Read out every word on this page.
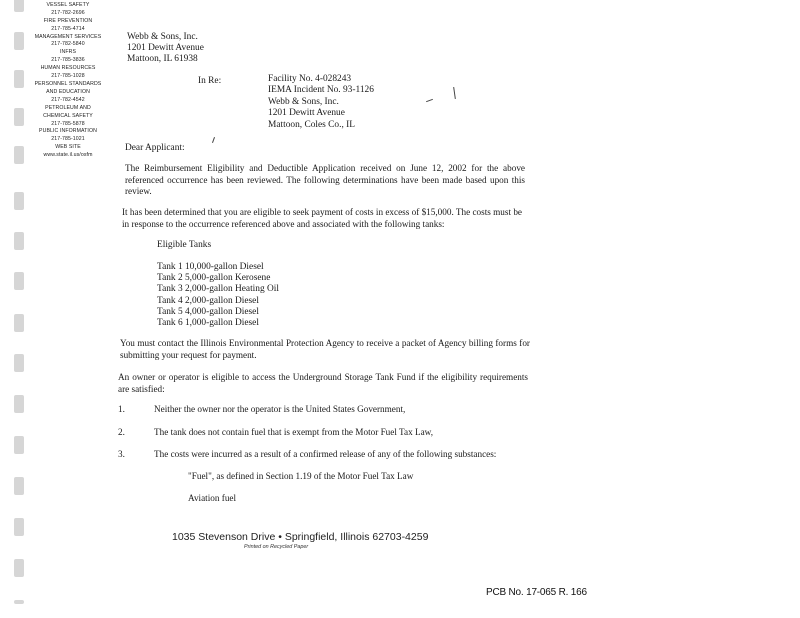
VESSEL SAFETY
217-782-2696
FIRE PREVENTION
217-785-4714
MANAGEMENT SERVICES
217-782-5840
INFRS
217-785-3836
HUMAN RESOURCES
217-785-1028
PERSONNEL STANDARDS
AND EDUCATION
217-782-4542
PETROLEUM AND
CHEMICAL SAFETY
217-785-5878
PUBLIC INFORMATION
217-785-1021
WEB SITE
www.state.il.us/osfm
Webb & Sons, Inc.
1201 Dewitt Avenue
Mattoon, IL 61938
In Re:	Facility No. 4-028243
IEMA Incident No. 93-1126
Webb & Sons, Inc.
1201 Dewitt Avenue
Mattoon, Coles Co., IL
Dear Applicant:
The Reimbursement Eligibility and Deductible Application received on June 12, 2002 for the above referenced occurrence has been reviewed. The following determinations have been made based upon this review.
It has been determined that you are eligible to seek payment of costs in excess of $15,000. The costs must be in response to the occurrence referenced above and associated with the following tanks:
Eligible Tanks
Tank 1 10,000-gallon Diesel
Tank 2 5,000-gallon Kerosene
Tank 3 2,000-gallon Heating Oil
Tank 4 2,000-gallon Diesel
Tank 5 4,000-gallon Diesel
Tank 6 1,000-gallon Diesel
You must contact the Illinois Environmental Protection Agency to receive a packet of Agency billing forms for submitting your request for payment.
An owner or operator is eligible to access the Underground Storage Tank Fund if the eligibility requirements are satisfied:
1.	Neither the owner nor the operator is the United States Government,
2.	The tank does not contain fuel that is exempt from the Motor Fuel Tax Law,
3.	The costs were incurred as a result of a confirmed release of any of the following substances:
"Fuel", as defined in Section 1.19 of the Motor Fuel Tax Law
Aviation fuel
1035 Stevenson Drive • Springfield, Illinois 62703-4259
Printed on Recycled Paper
PCB No. 17-065 R. 166
